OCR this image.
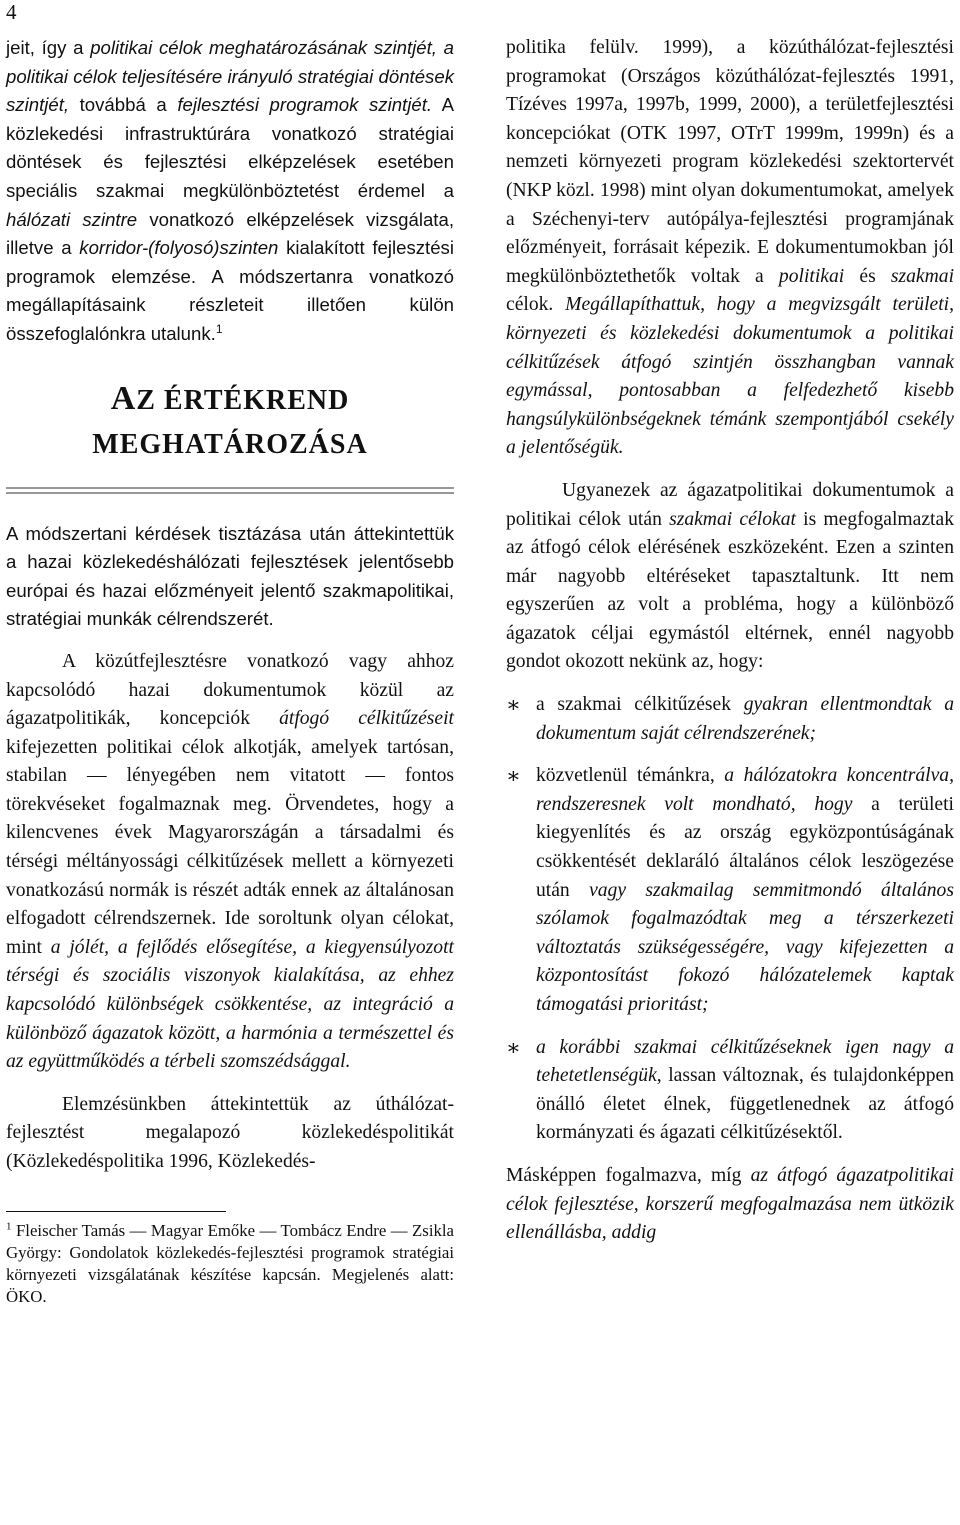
4

jeit, így a politikai célok meghatározásának szintjét, a politikai célok teljesítésére irányuló stratégiai döntések szintjét, továbbá a fejlesztési programok szintjét. A közlekedési infrastruktúrára vonatkozó stratégiai döntések és fejlesztési elképzelések esetében speciális szakmai megkülönböztetést érdemel a hálózati szintre vonatkozó elképzelések vizsgálata, illetve a korridor-(folyosó)szinten kialakított fejlesztési programok elemzése. A módszertanra vonatkozó megállapításaink részleteit illetően külön összefoglalónkra utalunk.$^1$

AZ ÉRTÉKREND
MEGHATÁROZÁSA

A módszertani kérdések tisztázása után áttekintettük a hazai közlekedéshálózati fejlesztések jelentősebb európai és hazai előzményeit jelentő szakmapolitikai, stratégiai munkák célrendszerét.

A közútfejlesztésre vonatkozó vagy ahhoz kapcsolódó hazai dokumentumok közül az ágazatpolitikák, koncepciók átfogó célkitűzéseit kifejezetten politikai célok alkotják, amelyek tartósan, stabilan — lényegében nem vitatott — fontos törekvéseket fogalmaznak meg. Örvendetes, hogy a kilencvenes évek Magyarországán a társadalmi és térségi méltányossági célkitűzések mellett a környezeti vonatkozású normák is részét adták ennek az általánosan elfogadott célrendszernek. Ide soroltunk olyan célokat, mint a jólét, a fejlődés elősegítése, a kiegyensúlyozott térségi és szociális viszonyok kialakítása, az ehhez kapcsolódó különbségek csökkentése, az integráció a különböző ágazatok között, a harmónia a természettel és az együttműködés a térbeli szomszédsággal.

Elemzésünkben áttekintettük az úthálózat-fejlesztést megalapozó közlekedéspolitikát (Közlekedéspolitika 1996, Közlekedés-

$^1$ Fleischer Tamás — Magyar Emőke — Tombácz Endre — Zsikla György: Gondolatok közlekedés-fejlesztési programok stratégiai környezeti vizsgálatának készítése kapcsán. Megjelenés alatt: ÖKO.

politika felülv. 1999), a közúthálózat-fejlesztési programokat (Országos közúthálózat-fejlesztés 1991, Tízéves 1997a, 1997b, 1999, 2000), a területfejlesztési koncepciókat (OTK 1997, OTrT 1999m, 1999n) és a nemzeti környezeti program közlekedési szektortervét (NKP közl. 1998) mint olyan dokumentumokat, amelyek a Széchenyi-terv autópálya-fejlesztési programjának előzményeit, forrásait képezik. E dokumentumokban jól megkülönböztethetők voltak a politikai és szakmai célok. Megállapíthattuk, hogy a megvizsgált területi, környezeti és közlekedési dokumentumok a politikai célkitűzések átfogó szintjén összhangban vannak egymással, pontosabban a felfedezhető kisebb hangsúlykülönbségeknek témánk szempontjából csekély a jelentőségük.

Ugyanezek az ágazatpolitikai dokumentumok a politikai célok után szakmai célokat is megfogalmaztak az átfogó célok elérésének eszközeként. Ezen a szinten már nagyobb eltéréseket tapasztaltunk. Itt nem egyszerűen az volt a probléma, hogy a különböző ágazatok céljai egymástól eltérnek, ennél nagyobb gondot okozott nekünk az, hogy:

∗ a szakmai célkitűzések gyakran ellentmondtak a dokumentum saját célrendszerének;
∗ közvetlenül témánkra, a hálózatokra koncentrálva, rendszeresnek volt mondható, hogy a területi kiegyenlítés és az ország egyközpontúságának csökkentését deklaráló általános célok leszögezése után vagy szakmailag semmitmondó általános szólamok fogalmazódtak meg a térszerkezeti változtatás szükségességére, vagy kifejezetten a központosítást fokozó hálózatelemek kaptak támogatási prioritást;
∗ a korábbi szakmai célkitűzéseknek igen nagy a tehetetlenségük, lassan változnak, és tulajdonképpen önálló életet élnek, függetlenednek az átfogó kormányzati és ágazati célkitűzésektől.

Másképpen fogalmazva, míg az átfogó ágazatpolitikai célok fejlesztése, korszerű megfogalmazása nem ütközik ellenállásba, addig
